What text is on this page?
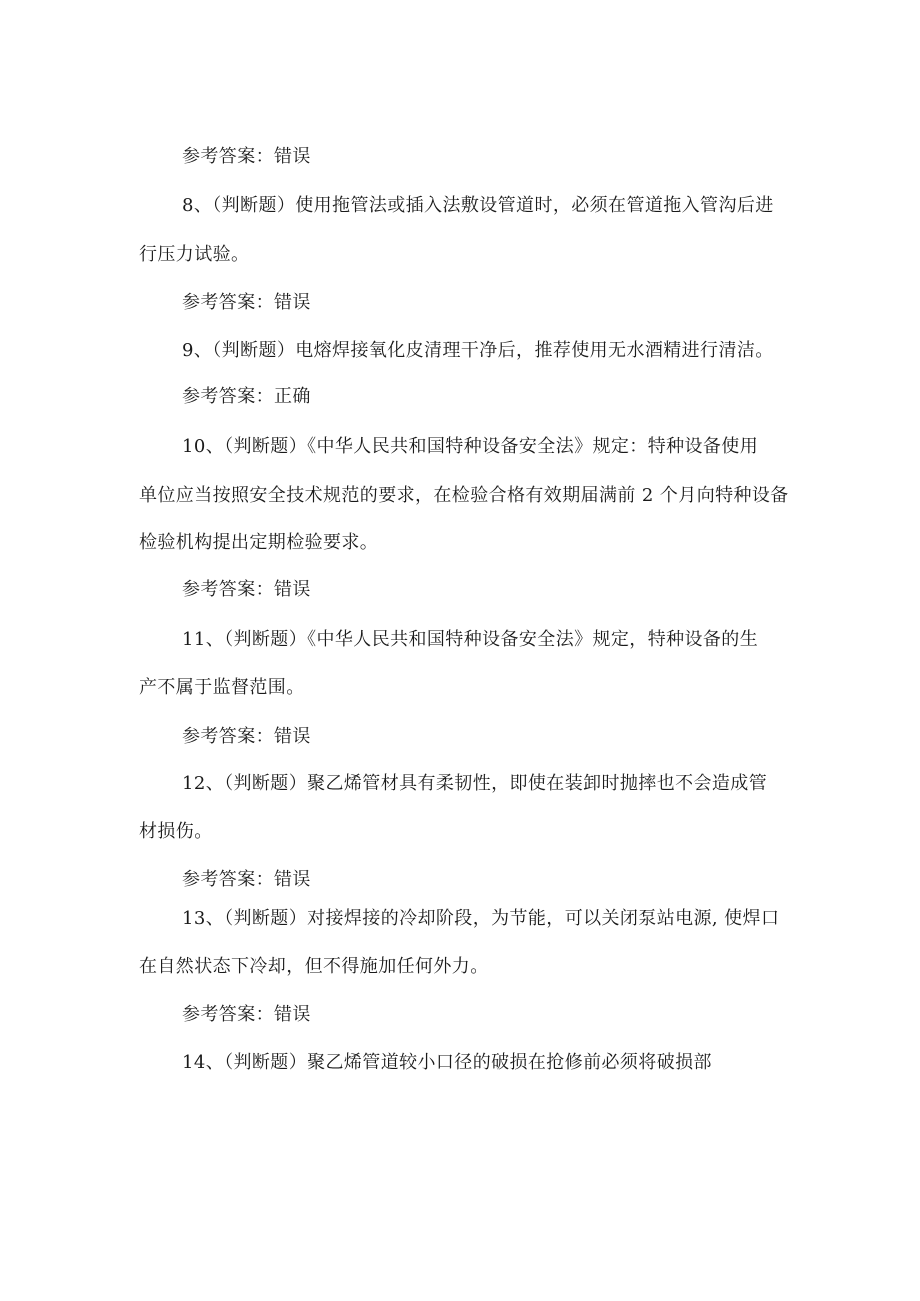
参考答案：错误
8、（判断题）使用拖管法或插入法敷设管道时，必须在管道拖入管沟后进
行压力试验。
参考答案：错误
9、（判断题）电熔焊接氧化皮清理干净后，推荐使用无水酒精进行清洁。
参考答案：正确
10、（判断题）《中华人民共和国特种设备安全法》规定：特种设备使用
单位应当按照安全技术规范的要求，在检验合格有效期届满前 2 个月向特种设备
检验机构提出定期检验要求。
参考答案：错误
11、（判断题）《中华人民共和国特种设备安全法》规定，特种设备的生
产不属于监督范围。
参考答案：错误
12、（判断题）聚乙烯管材具有柔韧性，即使在装卸时抛摔也不会造成管
材损伤。
参考答案：错误
13、（判断题）对接焊接的冷却阶段，为节能，可以关闭泵站电源, 使焊口
在自然状态下冷却，但不得施加任何外力。
参考答案：错误
14、（判断题）聚乙烯管道较小口径的破损在抢修前必须将破损部
